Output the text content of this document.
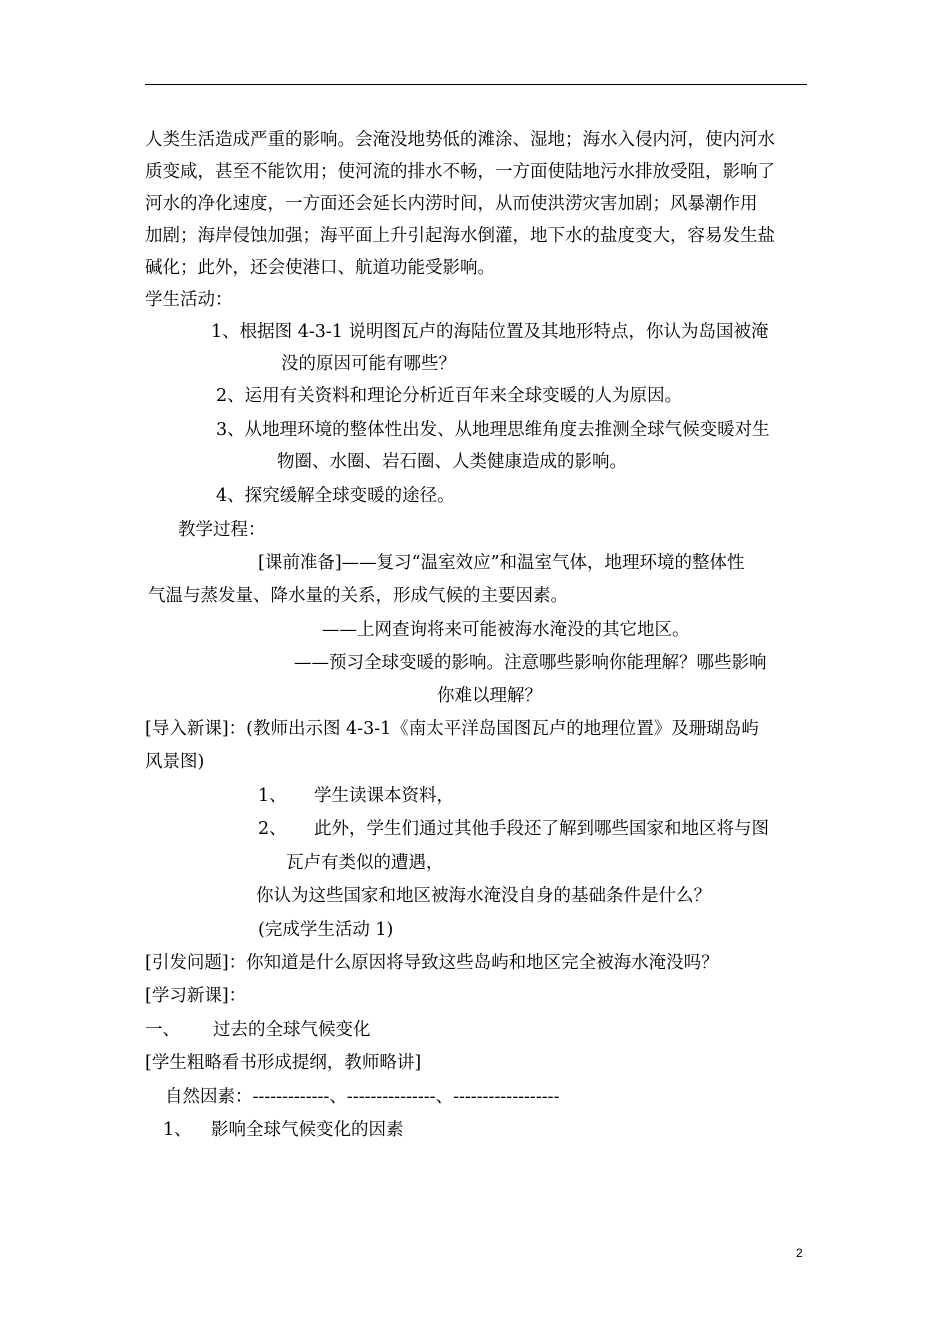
人类生活造成严重的影响。会淹没地势低的滩涂、湿地；海水入侵内河，使内河水
质变咸，甚至不能饮用；使河流的排水不畅，一方面使陆地污水排放受阻，影响了
河水的净化速度，一方面还会延长内涝时间，从而使洪涝灾害加剧；风暴潮作用
加剧；海岸侵蚀加强；海平面上升引起海水倒灌，地下水的盐度变大，容易发生盐
碱化；此外，还会使港口、航道功能受影响。
学生活动：
1、根据图 4-3-1 说明图瓦卢的海陆位置及其地形特点，你认为岛国被淹
没的原因可能有哪些？
2、运用有关资料和理论分析近百年来全球变暖的人为原因。
3、从地理环境的整体性出发、从地理思维角度去推测全球气候变暖对生
物圈、水圈、岩石圈、人类健康造成的影响。
4、探究缓解全球变暖的途径。
教学过程：
[课前准备]——复习“温室效应”和温室气体，地理环境的整体性
气温与蒸发量、降水量的关系，形成气候的主要因素。
——上网查询将来可能被海水淹没的其它地区。
——预习全球变暖的影响。注意哪些影响你能理解？哪些影响
你难以理解？
[导入新课]：(教师出示图 4-3-1《南太平洋岛国图瓦卢的地理位置》及珊瑚岛屿
风景图)
1、 学生读课本资料，
2、 此外，学生们通过其他手段还了解到哪些国家和地区将与图
瓦卢有类似的遭遇，
你认为这些国家和地区被海水淹没自身的基础条件是什么？
(完成学生活动 1)
[引发问题]：你知道是什么原因将导致这些岛屿和地区完全被海水淹没吗？
[学习新课]：
一、 过去的全球气候变化
[学生粗略看书形成提纲，教师略讲]
自然因素：-------------、---------------、------------------
1、 影响全球气候变化的因素
2
